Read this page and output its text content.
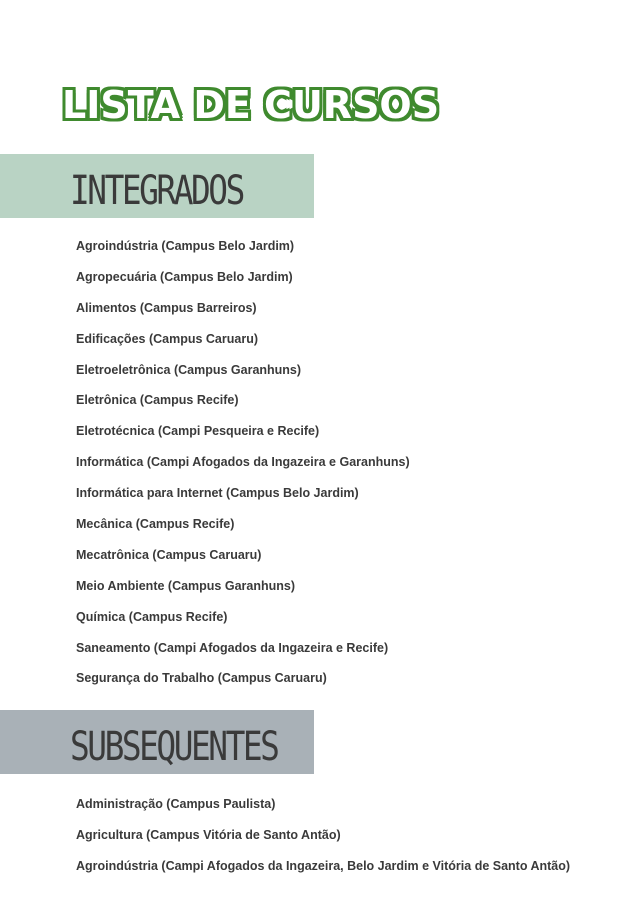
LISTA DE CURSOS
INTEGRADOS
Agroindústria (Campus Belo Jardim)
Agropecuária (Campus Belo Jardim)
Alimentos (Campus Barreiros)
Edificações (Campus Caruaru)
Eletroeletrônica (Campus Garanhuns)
Eletrônica (Campus Recife)
Eletrotécnica (Campi Pesqueira e Recife)
Informática (Campi Afogados da Ingazeira e Garanhuns)
Informática para Internet (Campus Belo Jardim)
Mecânica (Campus Recife)
Mecatrônica (Campus Caruaru)
Meio Ambiente (Campus Garanhuns)
Química (Campus Recife)
Saneamento (Campi Afogados da Ingazeira e Recife)
Segurança do Trabalho (Campus Caruaru)
SUBSEQUENTES
Administração (Campus Paulista)
Agricultura (Campus Vitória de Santo Antão)
Agroindústria (Campi Afogados da Ingazeira, Belo Jardim e Vitória de Santo Antão)
